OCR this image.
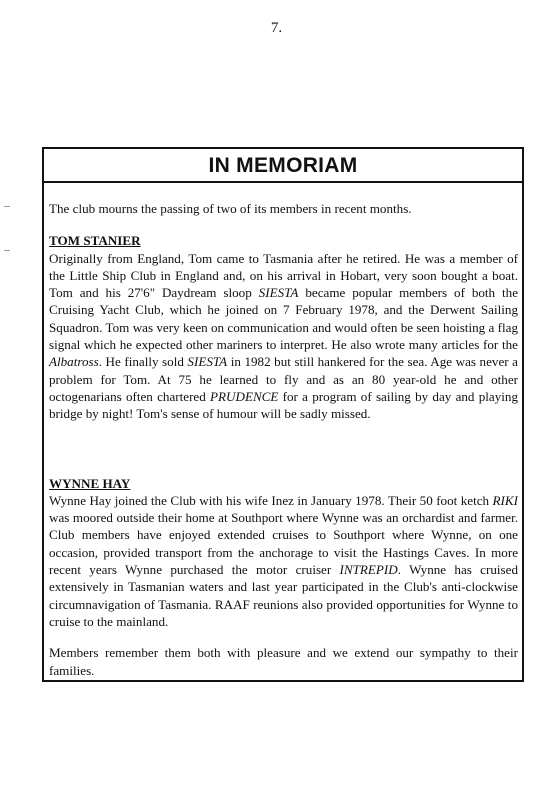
7.
IN MEMORIAM

The club mourns the passing of two of its members in recent months.

TOM STANIER

Originally from England, Tom came to Tasmania after he retired. He was a member of the Little Ship Club in England and, on his arrival in Hobart, very soon bought a boat. Tom and his 27'6" Daydream sloop SIESTA became popular members of both the Cruising Yacht Club, which he joined on 7 February 1978, and the Derwent Sailing Squadron. Tom was very keen on communication and would often be seen hoisting a flag signal which he expected other mariners to interpret. He also wrote many articles for the Albatross. He finally sold SIESTA in 1982 but still hankered for the sea. Age was never a problem for Tom. At 75 he learned to fly and as an 80 year-old he and other octogenarians often chartered PRUDENCE for a program of sailing by day and playing bridge by night! Tom's sense of humour will be sadly missed.

WYNNE HAY

Wynne Hay joined the Club with his wife Inez in January 1978. Their 50 foot ketch RIKI was moored outside their home at Southport where Wynne was an orchardist and farmer. Club members have enjoyed extended cruises to Southport where Wynne, on one occasion, provided transport from the anchorage to visit the Hastings Caves. In more recent years Wynne purchased the motor cruiser INTREPID. Wynne has cruised extensively in Tasmanian waters and last year participated in the Club's anti-clockwise circumnavigation of Tasmania. RAAF reunions also provided opportunities for Wynne to cruise to the mainland.

Members remember them both with pleasure and we extend our sympathy to their families.
